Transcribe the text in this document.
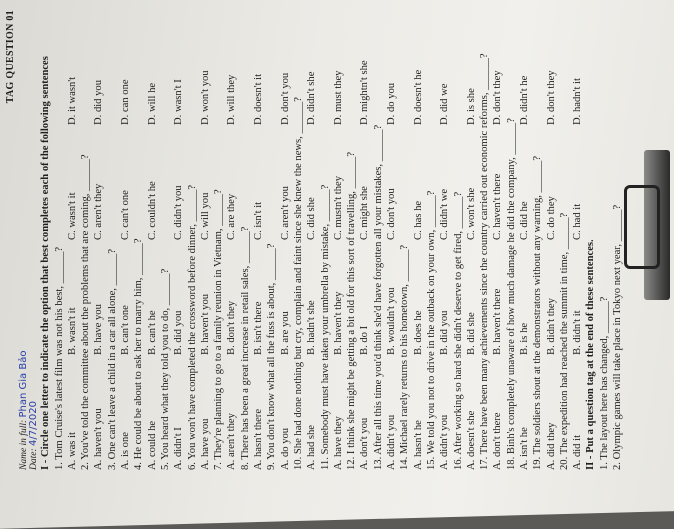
TAG QUESTION 01
Name in full: Phan Gia Bảo
Date: 4/7/2020 I - Circle one letter to indicate the option that best completes each of the following sentences 1. Tom Cruise's latest film was not his best, ______? A. was it
B. wasn't it
C. wasn't it
D. it wasn't
2. You've told the committee about the problems that are coming, ______? A. haven't you
B. have you
C. aren't they
D. did you
3. One can't leave a child in a car all alone, ______? A. is one
B. can't one
C. can't one
D. can one
4. He could be about to ask her to marry him, ______? A. could he
B. can't he
C. couldn't he
D. will he
5. You heard what they told you to do, ______? A. didn't I
B. did you
C. didn't you
D. wasn't I
6. You won't have completed the crossword before dinner, ______? A. have you
B. haven't you
C. will you
D. won't you
7. They're planning to go to a family reunion in Vietnam, ______? A. aren't they
B. don't they
C. are they
D. will they
8. There has been a great increase in retail sales, ______? A. hasn't there
B. isn't there
C. isn't it
D. doesn't it
9. You don't know what all the fuss is about, ______? A. do you
B. are you
C. aren't you
D. don't you 10. She had done nothing but cry, complain and faint since she knew the news, ______? A. had she
B. hadn't she
C. did she
D. didn't she
11. Somebody must have taken your umbrella by mistake, ______? A. have they
B. haven't they
C. mustn't they
D. must they
12. I think she might be getting a bit old for this sort of travelling, ______? A. don't you
B. do I
C. might she
D. mightn't she
13. After all this time you'd think she'd have forgotten all your mistakes, ______? A. didn't you
B. wouldn't you
C. don't you
D. do you
14. Michael rarely returns to his hometown, ______? A. hasn't he
B. does he
C. has he
D. doesn't he
15. We told you not to drive in the outback on your own, ______? A. didn't you
B. did you
C. didn't we
D. did we
16. After working so hard she didn't deserve to get fired, ______? A. doesn't she
B. did she
C. won't she
D. is she 17. There have been many achievements since the country carried out economic reforms, ______? A. don't there
B. haven't there
C. haven't there
D. don't they
18. Binh's completely unaware of how much damage he did the company, ______? A. isn't he
B. is he
C. did he
D. didn't he
19. The soldiers shout at the demonstrators without any warning, ______? A. did they
B. didn't they
C. do they
D. don't they
20. The expedition had reached the summit in time, ______? A. did it
B. didn't it
C. had it
D. hadn't it
II - Put a question tag at the end of these sentences. 1. The layout here has changed, ______? 2. Olympic games will take place in Tokyo next year, ______?
